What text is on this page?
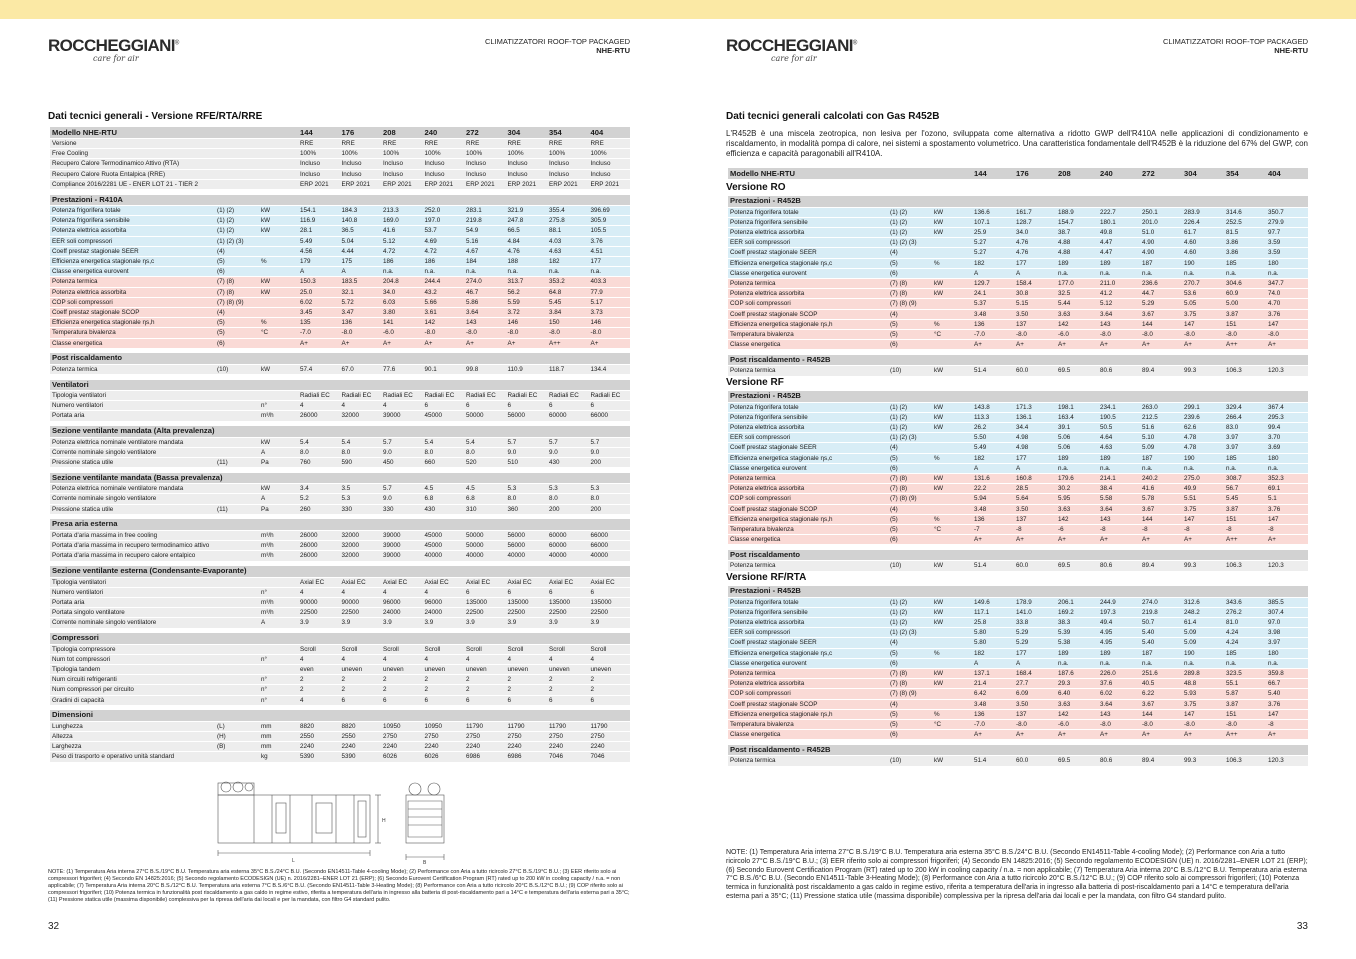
ROCCHEGGIANI®
care for air
CLIMATIZZATORI ROOF-TOP PACKAGED
NHE-RTU
Dati tecnici generali - Versione RFE/RTA/RRE
Modello NHE-RTU			144	176	208	240	272	304	354	404
Versione			RRE	RRE	RRE	RRE	RRE	RRE	RRE	RRE
Free Cooling			100%	100%	100%	100%	100%	100%	100%	100%
Recupero Calore Termodinamico Attivo (RTA)			Incluso	Incluso	Incluso	Incluso	Incluso	Incluso	Incluso	Incluso
Recupero Calore Ruota Entalpica (RRE)			Incluso	Incluso	Incluso	Incluso	Incluso	Incluso	Incluso	Incluso
Compliance 2016/2281 UE - ENER LOT 21 - TIER 2			ERP 2021	ERP 2021	ERP 2021	ERP 2021	ERP 2021	ERP 2021	ERP 2021	ERP 2021

Prestazioni - R410A										
Potenza frigorifera totale	(1) (2)	kW	154.1	184.3	213.3	252.0	283.1	321.9	355.4	396.69
Potenza frigorifera sensibile	(1) (2)	kW	116.9	140.8	169.0	197.0	219.8	247.8	275.8	305.9
Potenza elettrica assorbita	(1) (2)	kW	28.1	36.5	41.6	53.7	54.9	66.5	88.1	105.5
EER soli compressori	(1) (2) (3)		5.49	5.04	5.12	4.69	5.16	4.84	4.03	3.76
Coeff prestaz stagionale SEER	(4)		4.56	4.44	4.72	4.72	4.67	4.76	4.63	4.51
Efficienza energetica stagionale ηs,c	(5)	%	179	175	186	186	184	188	182	177
Classe energetica eurovent	(6)		A	A	n.a.	n.a.	n.a.	n.a.	n.a.	n.a.
Potenza termica	(7) (8)	kW	150.3	183.5	204.8	244.4	274.0	313.7	353.2	403.3
Potenza elettrica assorbita	(7) (8)	kW	25.0	32.1	34.0	43.2	46.7	56.2	64.8	77.9
COP soli compressori	(7) (8) (9)		6.02	5.72	6.03	5.66	5.86	5.59	5.45	5.17
Coeff prestaz stagionale SCOP	(4)		3.45	3.47	3.80	3.61	3.64	3.72	3.84	3.73
Efficienza energetica stagionale ηs,h	(5)	%	135	136	141	142	143	146	150	146
Temperatura bivalenza	(5)	°C	-7.0	-8.0	-6.0	-8.0	-8.0	-8.0	-8.0	-8.0
Classe energetica	(6)		A+	A+	A+	A+	A+	A+	A++	A+

Post riscaldamento										
Potenza termica	(10)	kW	57.4	67.0	77.6	90.1	99.8	110.9	118.7	134.4

Ventilatori										
Tipologia ventilatori			Radiali EC	Radiali EC	Radiali EC	Radiali EC	Radiali EC	Radiali EC	Radiali EC	Radiali EC
Numero ventilatori		n°	4	4	4	6	6	6	6	6
Portata aria		m³/h	26000	32000	39000	45000	50000	56000	60000	66000

Sezione ventilante mandata (Alta prevalenza)										
Potenza elettrica nominale ventilatore mandata		kW	5.4	5.4	5.7	5.4	5.4	5.7	5.7	5.7
Corrente nominale singolo ventilatore		A	8.0	8.0	9.0	8.0	8.0	9.0	9.0	9.0
Pressione statica utile	(11)	Pa	760	590	450	660	520	510	430	200

Sezione ventilante mandata (Bassa prevalenza)										
Potenza elettrica nominale ventilatore mandata		kW	3.4	3.5	5.7	4.5	4.5	5.3	5.3	5.3
Corrente nominale singolo ventilatore		A	5.2	5.3	9.0	6.8	6.8	8.0	8.0	8.0
Pressione statica utile	(11)	Pa	260	330	330	430	310	360	200	200

Presa aria esterna										
Portata d'aria massima in free cooling		m³/h	26000	32000	39000	45000	50000	56000	60000	66000
Portata d'aria massima in recupero termodinamico attivo		m³/h	26000	32000	39000	45000	50000	56000	60000	66000
Portata d'aria massima in recupero calore entalpico		m³/h	26000	32000	39000	40000	40000	40000	40000	40000

Sezione ventilante esterna (Condensante-Evaporante)										
Tipologia ventilatori			Axial EC	Axial EC	Axial EC	Axial EC	Axial EC	Axial EC	Axial EC	Axial EC
Numero ventilatori		n°	4	4	4	4	6	6	6	6
Portata aria		m³/h	90000	90000	96000	96000	135000	135000	135000	135000
Portata singolo ventilatore		m³/h	22500	22500	24000	24000	22500	22500	22500	22500
Corrente nominale singolo ventilatore		A	3.9	3.9	3.9	3.9	3.9	3.9	3.9	3.9

Compressori										
Tipologia compressore			Scroll	Scroll	Scroll	Scroll	Scroll	Scroll	Scroll	Scroll
Num tot compressori		n°	4	4	4	4	4	4	4	4
Tipologia tandem			even	uneven	uneven	uneven	uneven	uneven	uneven	uneven
Num circuiti refrigeranti		n°	2	2	2	2	2	2	2	2
Num compressori per circuito		n°	2	2	2	2	2	2	2	2
Gradini di capacità		n°	4	6	6	6	6	6	6	6

Dimensioni										
Lunghezza	(L)	mm	8820	8820	10950	10950	11790	11790	11790	11790
Altezza	(H)	mm	2550	2550	2750	2750	2750	2750	2750	2750
Larghezza	(B)	mm	2240	2240	2240	2240	2240	2240	2240	2240
Peso di trasporto e operativo unità standard		kg	5390	5390	6026	6026	6986	6986	7046	7046
L
H
B
NOTE: (1) Temperatura Aria interna 27°C B.S./19°C B.U. Temperatura aria esterna 35°C B.S./24°C B.U. (Secondo EN14511-Table 4-cooling Mode); (2) Performance con Aria a tutto ricircolo 27°C B.S./19°C B.U.; (3) EER riferito solo ai compressori frigoriferi; (4) Secondo EN 14825:2016; (5) Secondo regolamento ECODESIGN (UE) n. 2016/2281–ENER LOT 21 (ERP); (6) Secondo Eurovent Certification Program (RT) rated up to 200 kW in cooling capacity / n.a. = non applicabile; (7) Temperatura Aria interna 20°C B.S./12°C B.U. Temperatura aria esterna 7°C B.S./6°C B.U. (Secondo EN14511-Table 3-Heating Mode); (8) Performance con Aria a tutto ricircolo 20°C B.S./12°C B.U.; (9) COP riferito solo ai compressori frigoriferi; (10) Potenza termica in funzionalità post riscaldamento a gas caldo in regime estivo, riferita a temperatura dell'aria in ingresso alla batteria di post-riscaldamento pari a 14°C e temperatura dell'aria esterna pari a 35°C; (11) Pressione statica utile (massima disponibile) complessiva per la ripresa dell'aria dai locali e per la mandata, con filtro G4 standard pulito.
32
ROCCHEGGIANI®
care for air
CLIMATIZZATORI ROOF-TOP PACKAGED
NHE-RTU
Dati tecnici generali calcolati con Gas R452B
L'R452B è una miscela zeotropica, non lesiva per l'ozono, sviluppata come alternativa a ridotto GWP dell'R410A nelle applicazioni di condizionamento e riscaldamento, in modalità pompa di calore, nei sistemi a spostamento volumetrico. Una caratteristica fondamentale dell'R452B è la riduzione del 67% del GWP, con efficienza e capacità paragonabili all'R410A.
Modello NHE-RTU			144	176	208	240	272	304	354	404
Versione RO
Prestazioni - R452B										
Potenza frigorifera totale	(1) (2)	kW	136.6	161.7	188.9	222.7	250.1	283.9	314.6	350.7
Potenza frigorifera sensibile	(1) (2)	kW	107.1	128.7	154.7	180.1	201.0	226.4	252.5	279.9
Potenza elettrica assorbita	(1) (2)	kW	25.9	34.0	38.7	49.8	51.0	61.7	81.5	97.7
EER soli compressori	(1) (2) (3)		5.27	4.76	4.88	4.47	4.90	4.60	3.86	3.59
Coeff prestaz stagionale SEER	(4)		5.27	4.76	4.88	4.47	4.90	4.60	3.86	3.59
Efficienza energetica stagionale ηs,c	(5)	%	182	177	189	189	187	190	185	180
Classe energetica eurovent	(6)		A	A	n.a.	n.a.	n.a.	n.a.	n.a.	n.a.
Potenza termica	(7) (8)	kW	129.7	158.4	177.0	211.0	236.6	270.7	304.6	347.7
Potenza elettrica assorbita	(7) (8)	kW	24.1	30.8	32.5	41.2	44.7	53.6	60.9	74.0
COP soli compressori	(7) (8) (9)		5.37	5.15	5.44	5.12	5.29	5.05	5.00	4.70
Coeff prestaz stagionale SCOP	(4)		3.48	3.50	3.63	3.64	3.67	3.75	3.87	3.76
Efficienza energetica stagionale ηs,h	(5)	%	136	137	142	143	144	147	151	147
Temperatura bivalenza	(5)	°C	-7.0	-8.0	-6.0	-8.0	-8.0	-8.0	-8.0	-8.0
Classe energetica	(6)		A+	A+	A+	A+	A+	A+	A++	A+

Post riscaldamento - R452B										
Potenza termica	(10)	kW	51.4	60.0	69.5	80.6	89.4	99.3	106.3	120.3
Versione RF
Prestazioni - R452B										
Potenza frigorifera totale	(1) (2)	kW	143.8	171.3	198.1	234.1	263.0	299.1	329.4	367.4
Potenza frigorifera sensibile	(1) (2)	kW	113.3	136.1	163.4	190.5	212.5	239.6	266.4	295.3
Potenza elettrica assorbita	(1) (2)	kW	26.2	34.4	39.1	50.5	51.6	62.6	83.0	99.4
EER soli compressori	(1) (2) (3)		5.50	4.98	5.06	4.64	5.10	4.78	3.97	3.70
Coeff prestaz stagionale SEER	(4)		5.49	4.98	5.06	4.63	5.09	4.78	3.97	3.69
Efficienza energetica stagionale ηs,c	(5)	%	182	177	189	189	187	190	185	180
Classe energetica eurovent	(6)		A	A	n.a.	n.a.	n.a.	n.a.	n.a.	n.a.
Potenza termica	(7) (8)	kW	131.6	160.8	179.6	214.1	240.2	275.0	308.7	352.3
Potenza elettrica assorbita	(7) (8)	kW	22.2	28.5	30.2	38.4	41.6	49.9	56.7	69.1
COP soli compressori	(7) (8) (9)		5.94	5.64	5.95	5.58	5.78	5.51	5.45	5.1
Coeff prestaz stagionale SCOP	(4)		3.48	3.50	3.63	3.64	3.67	3.75	3.87	3.76
Efficienza energetica stagionale ηs,h	(5)	%	136	137	142	143	144	147	151	147
Temperatura bivalenza	(5)	°C	-7	-8	-6	-8	-8	-8	-8	-8
Classe energetica	(6)		A+	A+	A+	A+	A+	A+	A++	A+

Post riscaldamento										
Potenza termica	(10)	kW	51.4	60.0	69.5	80.6	89.4	99.3	106.3	120.3
Versione RF/RTA
Prestazioni - R452B										
Potenza frigorifera totale	(1) (2)	kW	149.6	178.9	206.1	244.9	274.0	312.6	343.6	385.5
Potenza frigorifera sensibile	(1) (2)	kW	117.1	141.0	169.2	197.3	219.8	248.2	276.2	307.4
Potenza elettrica assorbita	(1) (2)	kW	25.8	33.8	38.3	49.4	50.7	61.4	81.0	97.0
EER soli compressori	(1) (2) (3)		5.80	5.29	5.39	4.95	5.40	5.09	4.24	3.98
Coeff prestaz stagionale SEER	(4)		5.80	5.29	5.38	4.95	5.40	5.09	4.24	3.97
Efficienza energetica stagionale ηs,c	(5)	%	182	177	189	189	187	190	185	180
Classe energetica eurovent	(6)		A	A	n.a.	n.a.	n.a.	n.a.	n.a.	n.a.
Potenza termica	(7) (8)	kW	137.1	168.4	187.6	226.0	251.6	289.8	323.5	359.8
Potenza elettrica assorbita	(7) (8)	kW	21.4	27.7	29.3	37.6	40.5	48.8	55.1	66.7
COP soli compressori	(7) (8) (9)		6.42	6.09	6.40	6.02	6.22	5.93	5.87	5.40
Coeff prestaz stagionale SCOP	(4)		3.48	3.50	3.63	3.64	3.67	3.75	3.87	3.76
Efficienza energetica stagionale ηs,h	(5)	%	136	137	142	143	144	147	151	147
Temperatura bivalenza	(5)	°C	-7.0	-8.0	-6.0	-8.0	-8.0	-8.0	-8.0	-8
Classe energetica	(6)		A+	A+	A+	A+	A+	A+	A++	A+

Post riscaldamento - R452B										
Potenza termica	(10)	kW	51.4	60.0	69.5	80.6	89.4	99.3	106.3	120.3
NOTE: (1) Temperatura Aria interna 27°C B.S./19°C B.U. Temperatura aria esterna 35°C B.S./24°C B.U. (Secondo EN14511-Table 4-cooling Mode); (2) Performance con Aria a tutto ricircolo 27°C B.S./19°C B.U.; (3) EER riferito solo ai compressori frigoriferi; (4) Secondo EN 14825:2016; (5) Secondo regolamento ECODESIGN (UE) n. 2016/2281–ENER LOT 21 (ERP); (6) Secondo Eurovent Certification Program (RT) rated up to 200 kW in cooling capacity / n.a. = non applicabile; (7) Temperatura Aria interna 20°C B.S./12°C B.U. Temperatura aria esterna 7°C B.S./6°C B.U. (Secondo EN14511-Table 3-Heating Mode); (8) Performance con Aria a tutto ricircolo 20°C B.S./12°C B.U.; (9) COP riferito solo ai compressori frigoriferi; (10) Potenza termica in funzionalità post riscaldamento a gas caldo in regime estivo, riferita a temperatura dell'aria in ingresso alla batteria di post-riscaldamento pari a 14°C e temperatura dell'aria esterna pari a 35°C; (11) Pressione statica utile (massima disponibile) complessiva per la ripresa dell'aria dai locali e per la mandata, con filtro G4 standard pulito.
33
